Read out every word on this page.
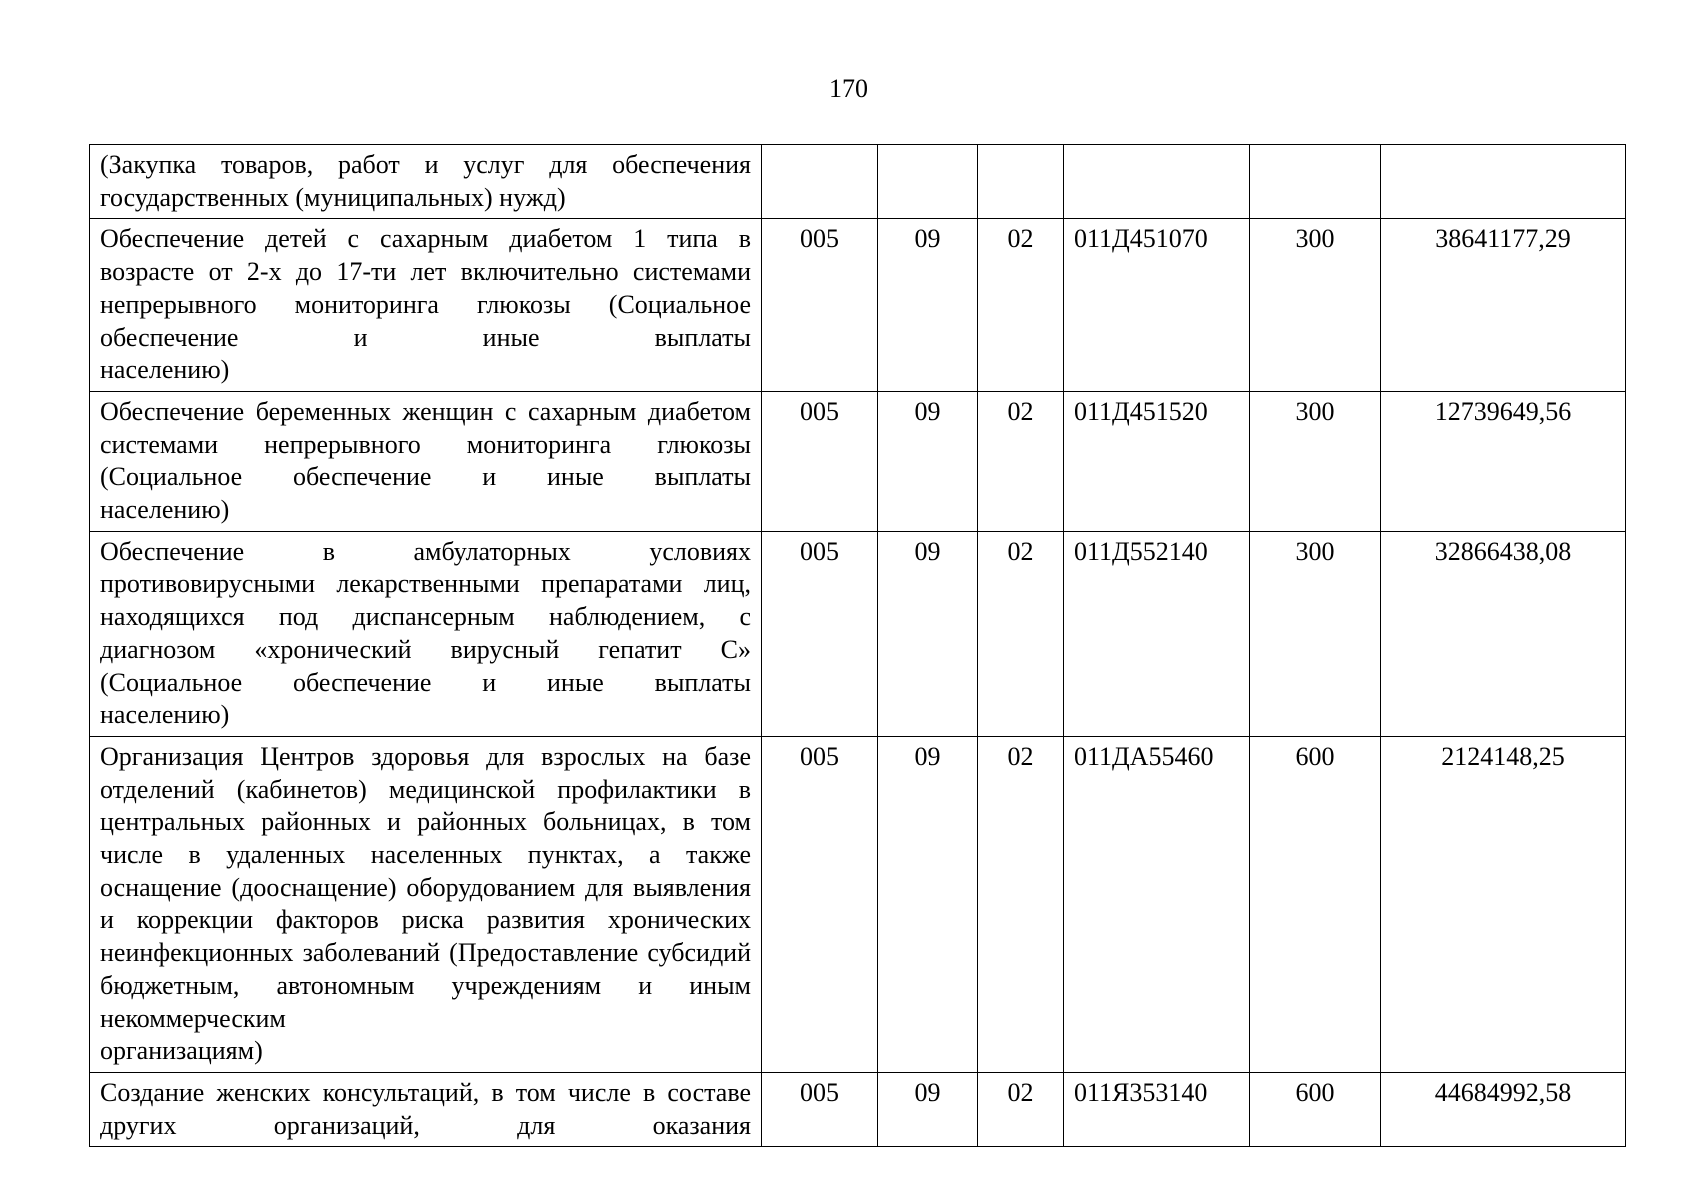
170
(Закупка товаров, работ и услуг для обеспечения
государственных (муниципальных) нужд)						

Обеспечение детей с сахарным диабетом 1 типа в возрасте от 2-х до 17-ти лет включительно системами непрерывного мониторинга глюкозы (Социальное обеспечение и иные выплаты
населению)	005	09	02	011Д451070	300	38641177,29
Обеспечение беременных женщин с сахарным диабетом системами непрерывного мониторинга глюкозы (Социальное обеспечение и иные выплаты
населению)	005	09	02	011Д451520	300	12739649,56
Обеспечение в амбулаторных условиях противовирусными лекарственными препаратами лиц, находящихся под диспансерным наблюдением, с диагнозом «хронический вирусный гепатит С» (Социальное обеспечение и иные выплаты
населению)	005	09	02	011Д552140	300	32866438,08
Организация Центров здоровья для взрослых на базе отделений (кабинетов) медицинской профилактики в центральных районных и районных больницах, в том числе в удаленных населенных пунктах, а также оснащение (дооснащение) оборудованием для выявления и коррекции факторов риска развития хронических неинфекционных заболеваний (Предоставление субсидий бюджетным, автономным учреждениям и иным некоммерческим
организациям)	005	09	02	011ДА55460	600	2124148,25
Создание женских консультаций, в том числе в составе других организаций, для оказания	005	09	02	011Я353140	600	44684992,58
